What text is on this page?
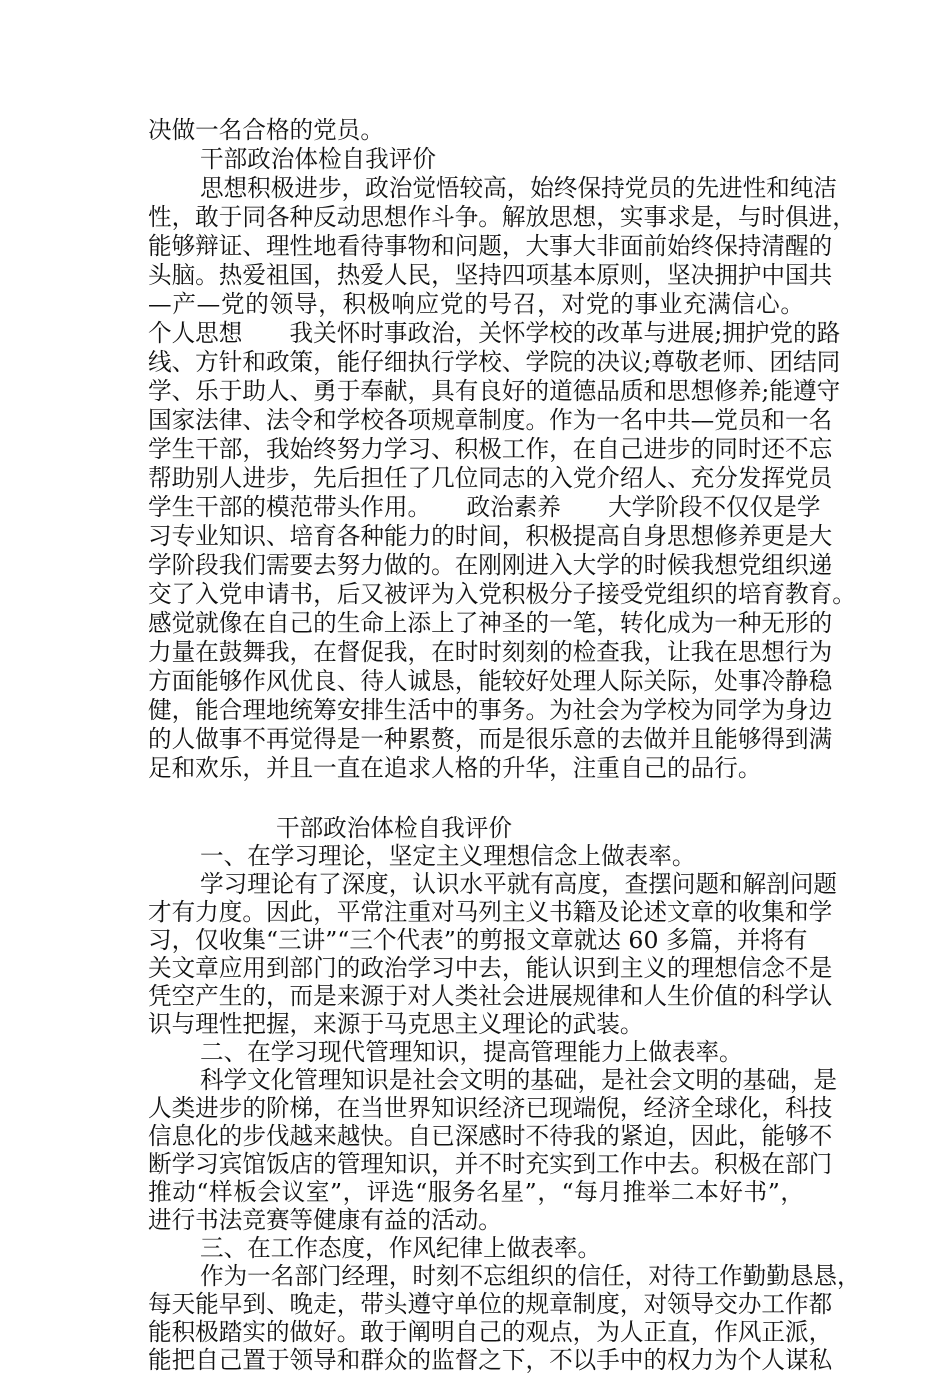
决做一名合格的党员。
干部政治体检自我评价
思想积极进步，政治觉悟较高，始终保持党员的先进性和纯洁
性，敢于同各种反动思想作斗争。解放思想，实事求是，与时俱进，
能够辩证、理性地看待事物和问题，大事大非面前始终保持清醒的
头脑。热爱祖国，热爱人民，坚持四项基本原则，坚决拥护中国共
—产—党的领导，积极响应党的号召，对党的事业充满信心。
个人思想　　我关怀时事政治，关怀学校的改革与进展;拥护党的路
线、方针和政策，能仔细执行学校、学院的决议;尊敬老师、团结同
学、乐于助人、勇于奉献，具有良好的道德品质和思想修养;能遵守
国家法律、法令和学校各项规章制度。作为一名中共—党员和一名
学生干部，我始终努力学习、积极工作，在自己进步的同时还不忘
帮助别人进步，先后担任了几位同志的入党介绍人、充分发挥党员
学生干部的模范带头作用。　　政治素养　　大学阶段不仅仅是学
习专业知识、培育各种能力的时间，积极提高自身思想修养更是大
学阶段我们需要去努力做的。在刚刚进入大学的时候我想党组织递
交了入党申请书，后又被评为入党积极分子接受党组织的培育教育。
感觉就像在自己的生命上添上了神圣的一笔，转化成为一种无形的
力量在鼓舞我，在督促我，在时时刻刻的检查我，让我在思想行为
方面能够作风优良、待人诚恳，能较好处理人际关际，处事冷静稳
健，能合理地统筹安排生活中的事务。为社会为学校为同学为身边
的人做事不再觉得是一种累赘，而是很乐意的去做并且能够得到满
足和欢乐，并且一直在追求人格的升华，注重自己的品行。
干部政治体检自我评价
一、在学习理论，坚定主义理想信念上做表率。
学习理论有了深度，认识水平就有高度，查摆问题和解剖问题
才有力度。因此，平常注重对马列主义书籍及论述文章的收集和学
习，仅收集“三讲”“三个代表”的剪报文章就达 60 多篇，并将有
关文章应用到部门的政治学习中去，能认识到主义的理想信念不是
凭空产生的，而是来源于对人类社会进展规律和人生价值的科学认
识与理性把握，来源于马克思主义理论的武装。
二、在学习现代管理知识，提高管理能力上做表率。
科学文化管理知识是社会文明的基础，是社会文明的基础，是
人类进步的阶梯，在当世界知识经济已现端倪，经济全球化，科技
信息化的步伐越来越快。自已深感时不待我的紧迫，因此，能够不
断学习宾馆饭店的管理知识，并不时充实到工作中去。积极在部门
推动“样板会议室”，评选“服务名星”，“每月推举二本好书”，
进行书法竞赛等健康有益的活动。
三、在工作态度，作风纪律上做表率。
作为一名部门经理，时刻不忘组织的信任，对待工作勤勤恳恳，
每天能早到、晚走，带头遵守单位的规章制度，对领导交办工作都
能积极踏实的做好。敢于阐明自己的观点，为人正直，作风正派，
能把自己置于领导和群众的监督之下，不以手中的权力为个人谋私
